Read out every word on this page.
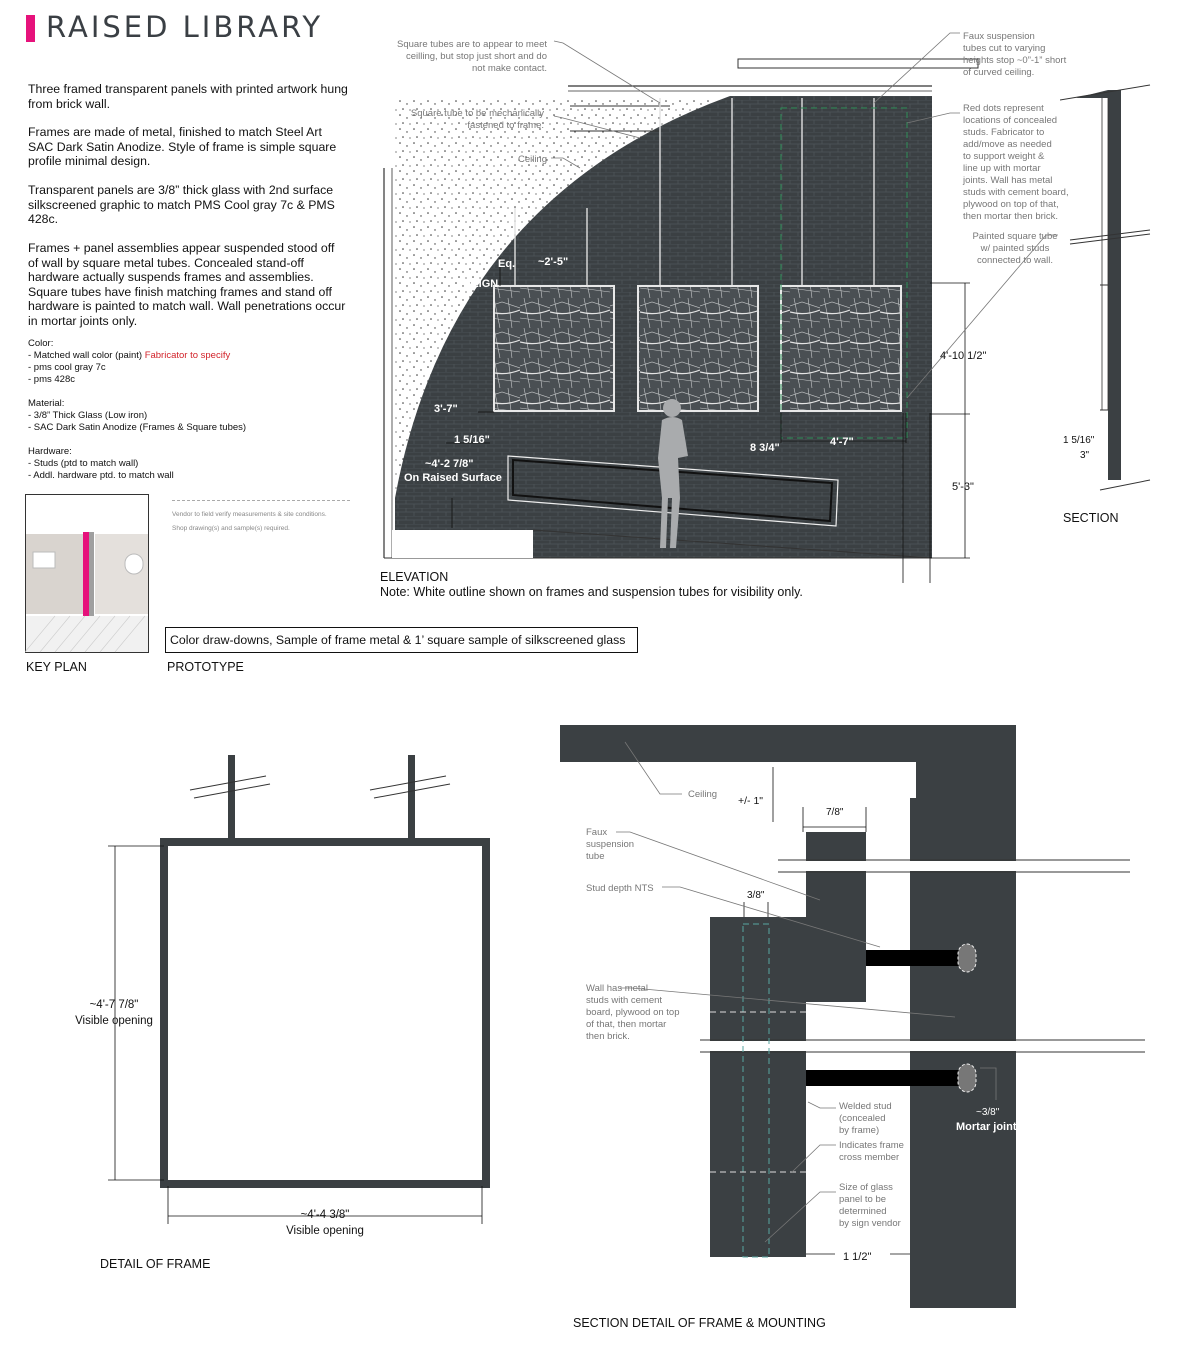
RAISED LIBRARY
Three framed transparent panels with printed artwork hung from brick wall.
Frames are made of metal, finished to match Steel Art SAC Dark Satin Anodize. Style of frame is simple square profile minimal design.
Transparent panels are 3/8” thick glass with 2nd surface silkscreened graphic to match PMS Cool gray 7c & PMS 428c.
Frames + panel assemblies appear suspended stood off of wall by square metal tubes. Concealed stand-off hardware actually suspends frames and assemblies. Square tubes have finish matching frames and stand off hardware is painted to match wall. Wall penetrations occur in mortar joints only.
Color:
- Matched wall color (paint) Fabricator to specify
- pms cool gray 7c
- pms 428c
Material:
- 3/8” Thick Glass (Low iron)
- SAC Dark Satin Anodize (Frames & Square tubes)
Hardware:
- Studs (ptd to match wall)
- Addl. hardware ptd. to match wall
Vendor to field verify measurements & site conditions.
Shop drawing(s) and sample(s) required.
KEY PLAN
Color draw-downs, Sample of frame metal & 1’ square sample of silkscreened glass
PROTOTYPE
Square tubes are to appear to meet
ceilling, but stop just short and do
not make contact.
Square tube to be mechanically
fastened to frame.
Ceiling
Faux suspension
tubes cut to varying
heights stop ~0”-1” short
of curved ceiling.
Red dots represent
locations of concealed
studs. Fabricator to
add/move as needed
to support weight &
line up with mortar
joints. Wall has metal
studs with cement board,
plywood on top of that,
then mortar then brick.
Painted square tube
w/ painted studs
connected to wall.
Eq. ~2'-5"
ALIGN
3'-7"
1 5/16"
~4'-2 7/8"
On Raised Surface
8 3/4"	4'-7"
4'-10 1/2"
5'-3"
ELEVATION
Note: White outline shown on frames and suspension tubes for visibility only.
1 5/16"
3"
SECTION
~4'-7 7/8"
Visible opening
~4'-4 3/8"
Visible opening
DETAIL OF FRAME
Ceiling
+/- 1"
7/8"
3/8"
Faux
suspension
tube
Stud depth NTS
Wall has metal
studs with cement
board, plywood on top
of that, then mortar
then brick.
Welded stud
(concealed
by frame)
Indicates frame
cross member
Size of glass
panel to be
determined
by sign vendor
~3/8"
Mortar joint
1 1/2"
SECTION DETAIL OF FRAME & MOUNTING
